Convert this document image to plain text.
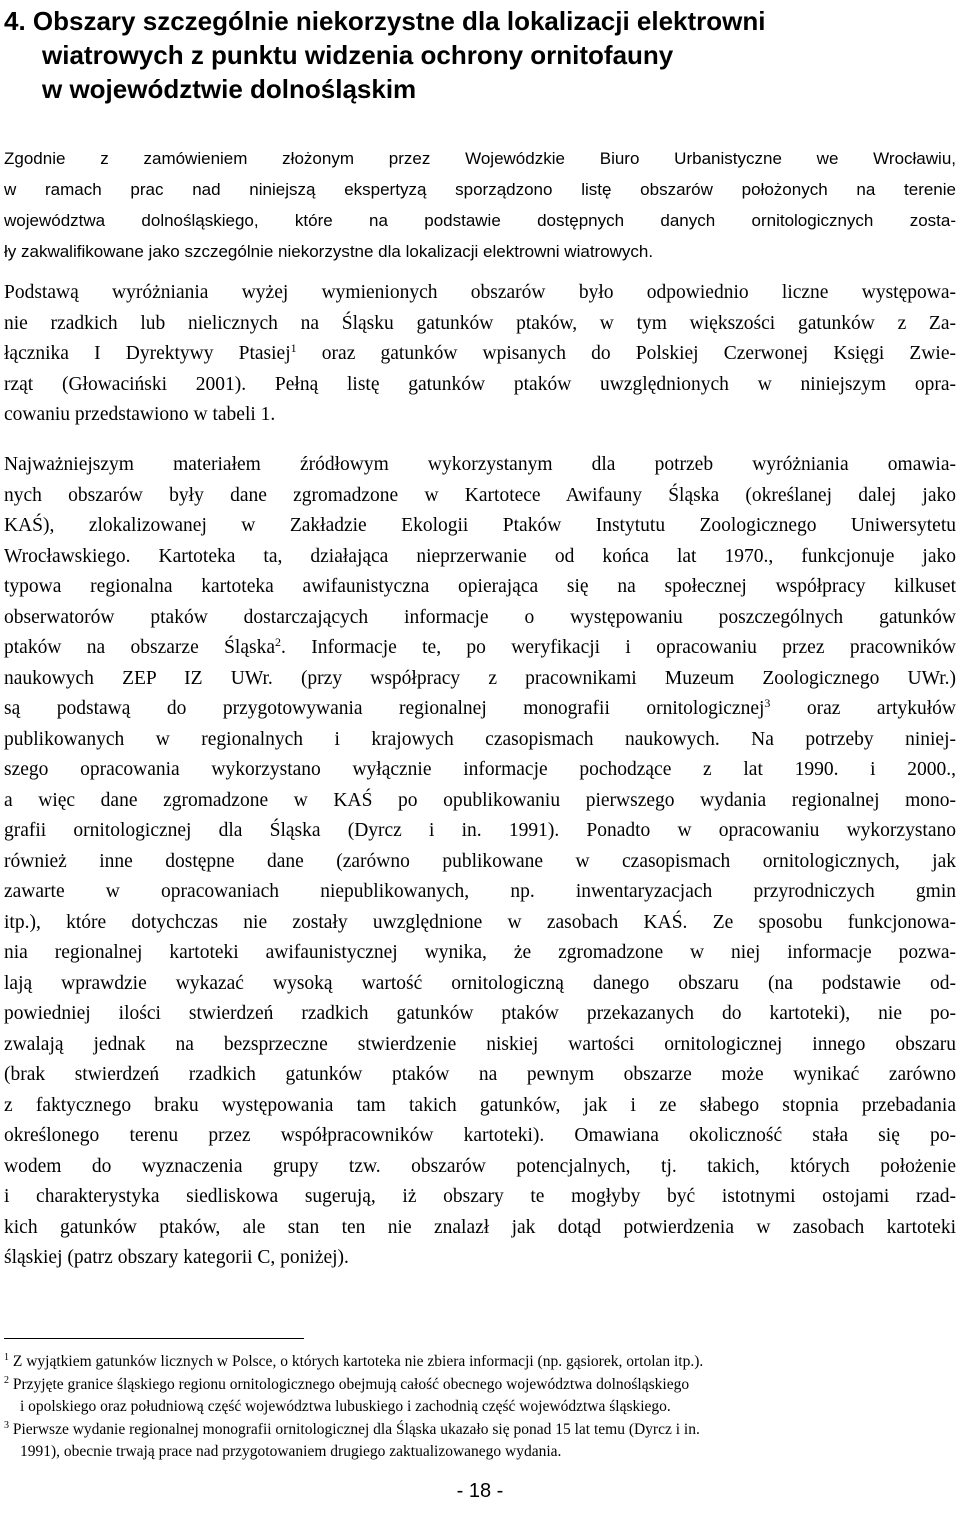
4. Obszary szczególnie niekorzystne dla lokalizacji elektrowni
wiatrowych z punktu widzenia ochrony ornitofauny
w województwie dolnośląskim

Zgodnie z zamówieniem złożonym przez Wojewódzkie Biuro Urbanistyczne we Wrocławiu,
w ramach prac nad niniejszą ekspertyzą sporządzono listę obszarów położonych na terenie
województwa dolnośląskiego, które na podstawie dostępnych danych ornitologicznych zosta-
ły zakwalifikowane jako szczególnie niekorzystne dla lokalizacji elektrowni wiatrowych.

Podstawą wyróżniania wyżej wymienionych obszarów było odpowiednio liczne występowa-
nie rzadkich lub nielicznych na Śląsku gatunków ptaków, w tym większości gatunków z Za-
łącznika I Dyrektywy Ptasiej$^1$ oraz gatunków wpisanych do Polskiej Czerwonej Księgi Zwie-
rząt (Głowaciński 2001). Pełną listę gatunków ptaków uwzględnionych w niniejszym opra-
cowaniu przedstawiono w tabeli 1.

Najważniejszym materiałem źródłowym wykorzystanym dla potrzeb wyróżniania omawia-
nych obszarów były dane zgromadzone w Kartotece Awifauny Śląska (określanej dalej jako
KAŚ), zlokalizowanej w Zakładzie Ekologii Ptaków Instytutu Zoologicznego Uniwersytetu
Wrocławskiego. Kartoteka ta, działająca nieprzerwanie od końca lat 1970., funkcjonuje jako
typowa regionalna kartoteka awifaunistyczna opierająca się na społecznej współpracy kilkuset
obserwatorów ptaków dostarczających informacje o występowaniu poszczególnych gatunków
ptaków na obszarze Śląska$^2$. Informacje te, po weryfikacji i opracowaniu przez pracowników
naukowych ZEP IZ UWr. (przy współpracy z pracownikami Muzeum Zoologicznego UWr.)
są podstawą do przygotowywania regionalnej monografii ornitologicznej$^3$ oraz artykułów
publikowanych w regionalnych i krajowych czasopismach naukowych. Na potrzeby niniej-
szego opracowania wykorzystano wyłącznie informacje pochodzące z lat 1990. i 2000.,
a więc dane zgromadzone w KAŚ po opublikowaniu pierwszego wydania regionalnej mono-
grafii ornitologicznej dla Śląska (Dyrcz i in. 1991). Ponadto w opracowaniu wykorzystano
również inne dostępne dane (zarówno publikowane w czasopismach ornitologicznych, jak
zawarte w opracowaniach niepublikowanych, np. inwentaryzacjach przyrodniczych gmin
itp.), które dotychczas nie zostały uwzględnione w zasobach KAŚ. Ze sposobu funkcjonowa-
nia regionalnej kartoteki awifaunistycznej wynika, że zgromadzone w niej informacje pozwa-
lają wprawdzie wykazać wysoką wartość ornitologiczną danego obszaru (na podstawie od-
powiedniej ilości stwierdzeń rzadkich gatunków ptaków przekazanych do kartoteki), nie po-
zwalają jednak na bezsprzeczne stwierdzenie niskiej wartości ornitologicznej innego obszaru
(brak stwierdzeń rzadkich gatunków ptaków na pewnym obszarze może wynikać zarówno
z faktycznego braku występowania tam takich gatunków, jak i ze słabego stopnia przebadania
określonego terenu przez współpracowników kartoteki). Omawiana okoliczność stała się po-
wodem do wyznaczenia grupy tzw. obszarów potencjalnych, tj. takich, których położenie
i charakterystyka siedliskowa sugerują, iż obszary te mogłyby być istotnymi ostojami rzad-
kich gatunków ptaków, ale stan ten nie znalazł jak dotąd potwierdzenia w zasobach kartoteki
śląskiej (patrz obszary kategorii C, poniżej).

$^1$ Z wyjątkiem gatunków licznych w Polsce, o których kartoteka nie zbiera informacji (np. gąsiorek, ortolan itp.).
$^2$ Przyjęte granice śląskiego regionu ornitologicznego obejmują całość obecnego województwa dolnośląskiego
i opolskiego oraz południową część województwa lubuskiego i zachodnią część województwa śląskiego.
$^3$ Pierwsze wydanie regionalnej monografii ornitologicznej dla Śląska ukazało się ponad 15 lat temu (Dyrcz i in.
1991), obecnie trwają prace nad przygotowaniem drugiego zaktualizowanego wydania.
- 18 -
